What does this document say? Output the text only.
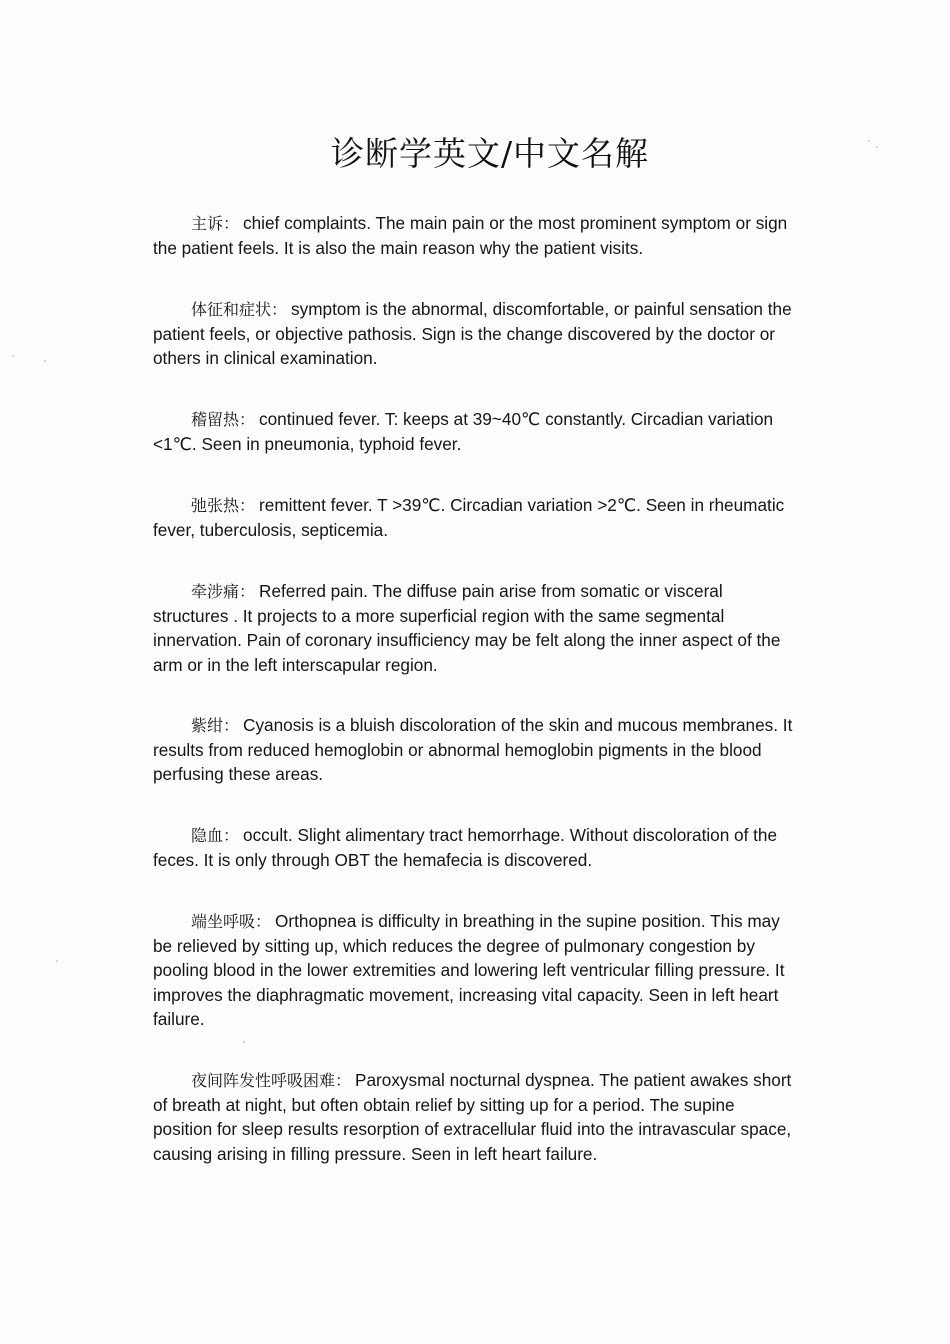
诊断学英文/中文名解
主诉： chief complaints. The main pain or the most prominent symptom or sign the patient feels. It is also the main reason why the patient visits.
体征和症状： symptom is the abnormal, discomfortable, or painful sensation the patient feels, or objective pathosis. Sign is the change discovered by the doctor or others in clinical examination.
稽留热： continued fever. T: keeps at 39~40℃ constantly. Circadian variation <1℃. Seen in pneumonia, typhoid fever.
弛张热： remittent fever. T >39℃. Circadian variation >2℃. Seen in rheumatic fever, tuberculosis, septicemia.
牵涉痛： Referred pain. The diffuse pain arise from somatic or visceral structures . It projects to a more superficial region with the same segmental innervation. Pain of coronary insufficiency may be felt along the inner aspect of the arm or in the left interscapular region.
紫绀： Cyanosis is a bluish discoloration of the skin and mucous membranes. It results from reduced hemoglobin or abnormal hemoglobin pigments in the blood perfusing these areas.
隐血： occult. Slight alimentary tract hemorrhage. Without discoloration of the feces. It is only through OBT the hemafecia is discovered.
端坐呼吸： Orthopnea is difficulty in breathing in the supine position. This may be relieved by sitting up, which reduces the degree of pulmonary congestion by pooling blood in the lower extremities and lowering left ventricular filling pressure. It improves the diaphragmatic movement, increasing vital capacity. Seen in left heart failure.
夜间阵发性呼吸困难： Paroxysmal nocturnal dyspnea. The patient awakes short of breath at night, but often obtain relief by sitting up for a period. The supine position for sleep results resorption of extracellular fluid into the intravascular space, causing arising in filling pressure. Seen in left heart failure.
